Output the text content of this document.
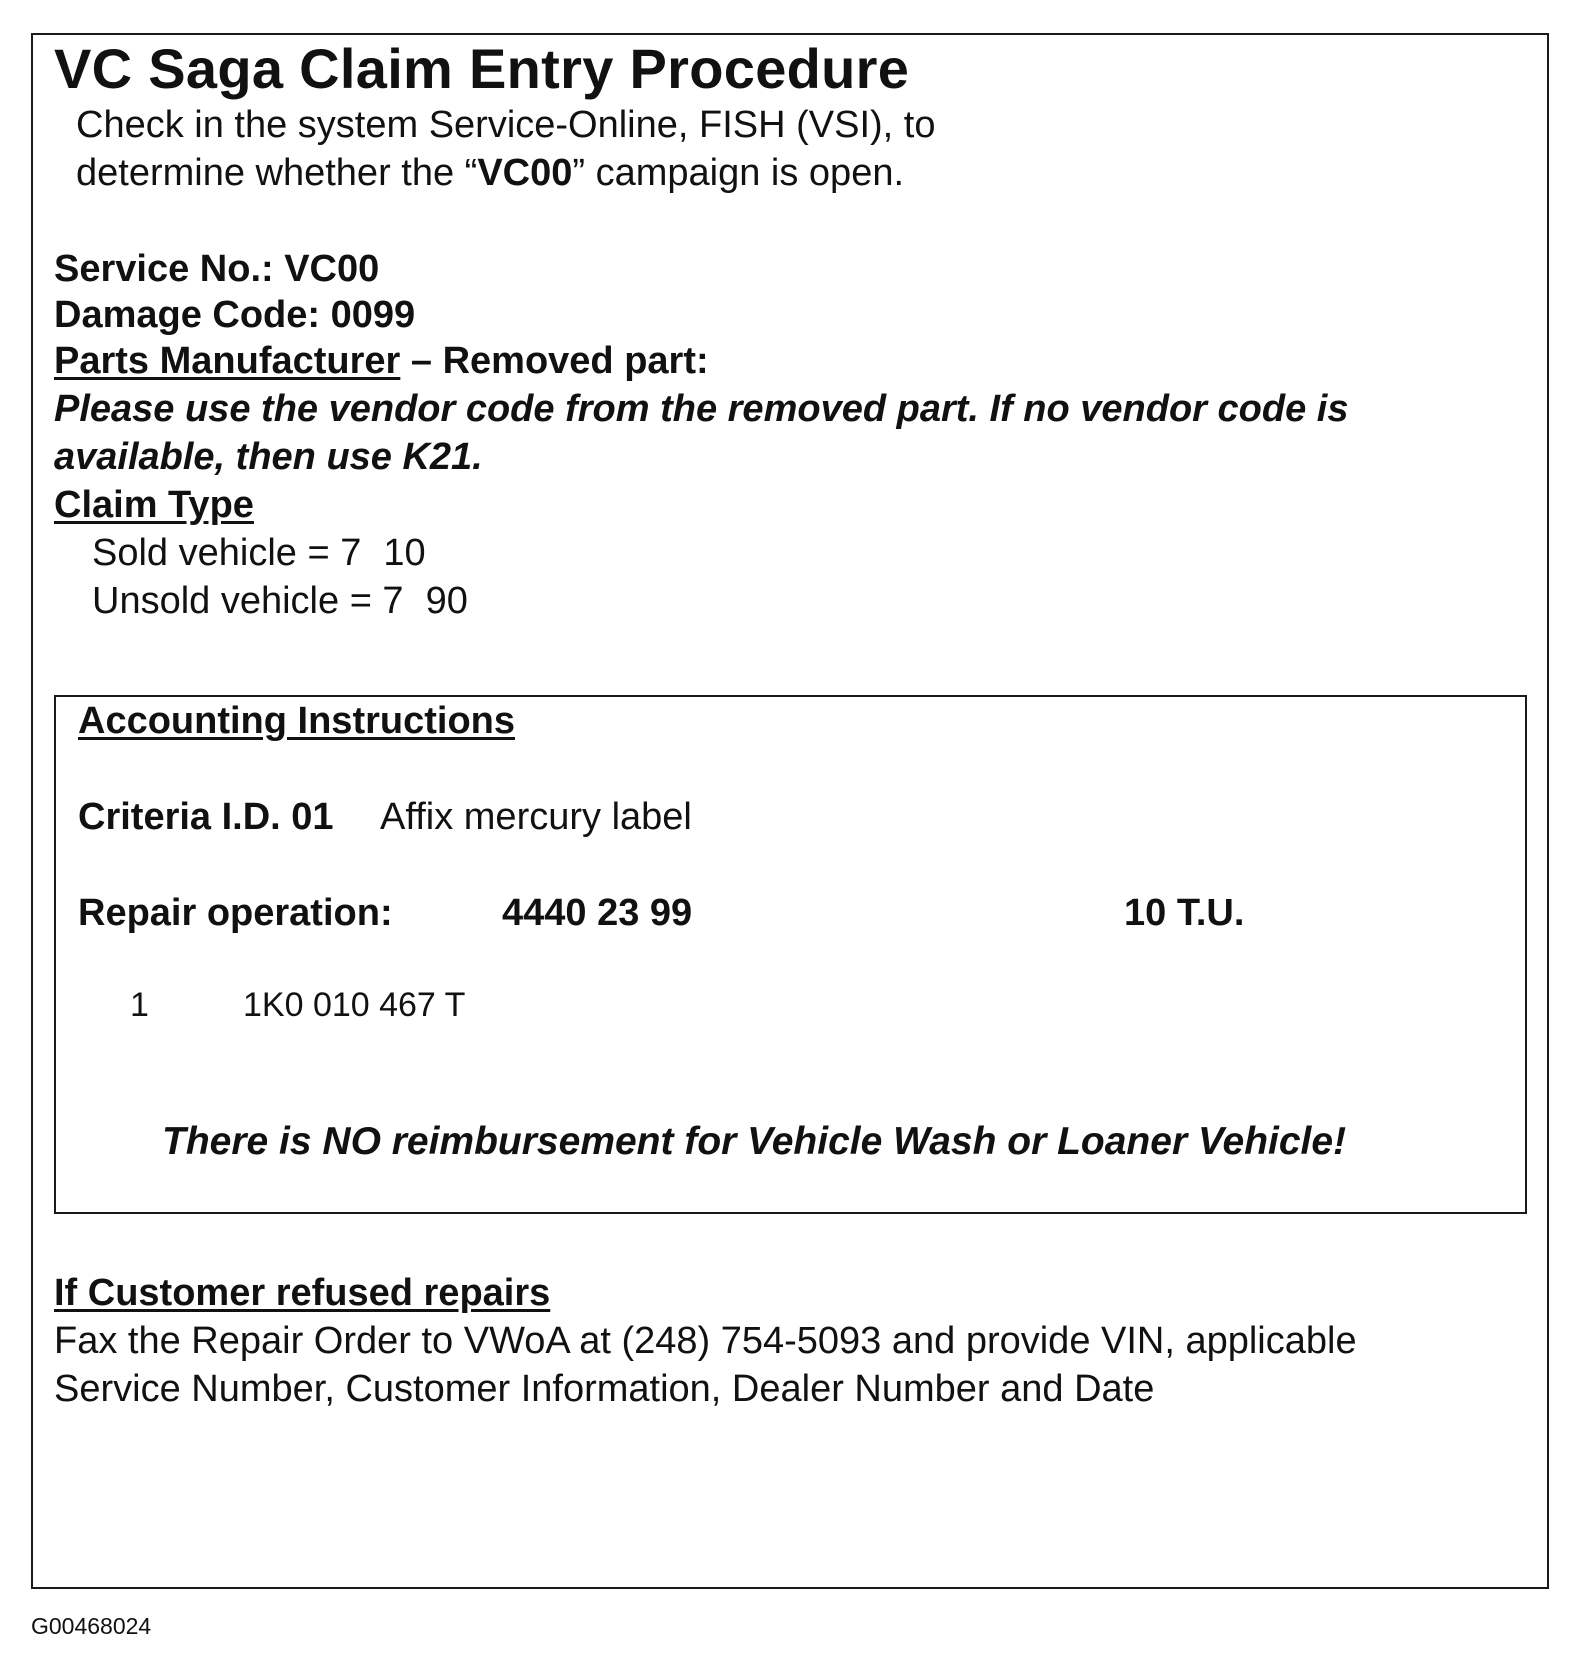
VC Saga Claim Entry Procedure

Check in the system Service-Online, FISH (VSI), to

determine whether the “VC00” campaign is open.

Service No.: VC00

Damage Code: 0099

Parts Manufacturer – Removed part:

Please use the vendor code from the removed part. If no vendor code is

available, then use K21.

Claim Type

Sold vehicle = 7 10

Unsold vehicle = 7 90

Accounting Instructions

Criteria I.D. 01 Affix mercury label

Repair operation:	4440 23 99	10 T.U.

1	1K0 010 467 T

There is NO reimbursement for Vehicle Wash or Loaner Vehicle!

If Customer refused repairs

Fax the Repair Order to VWoA at (248) 754-5093 and provide VIN, applicable

Service Number, Customer Information, Dealer Number and Date

G00468024
